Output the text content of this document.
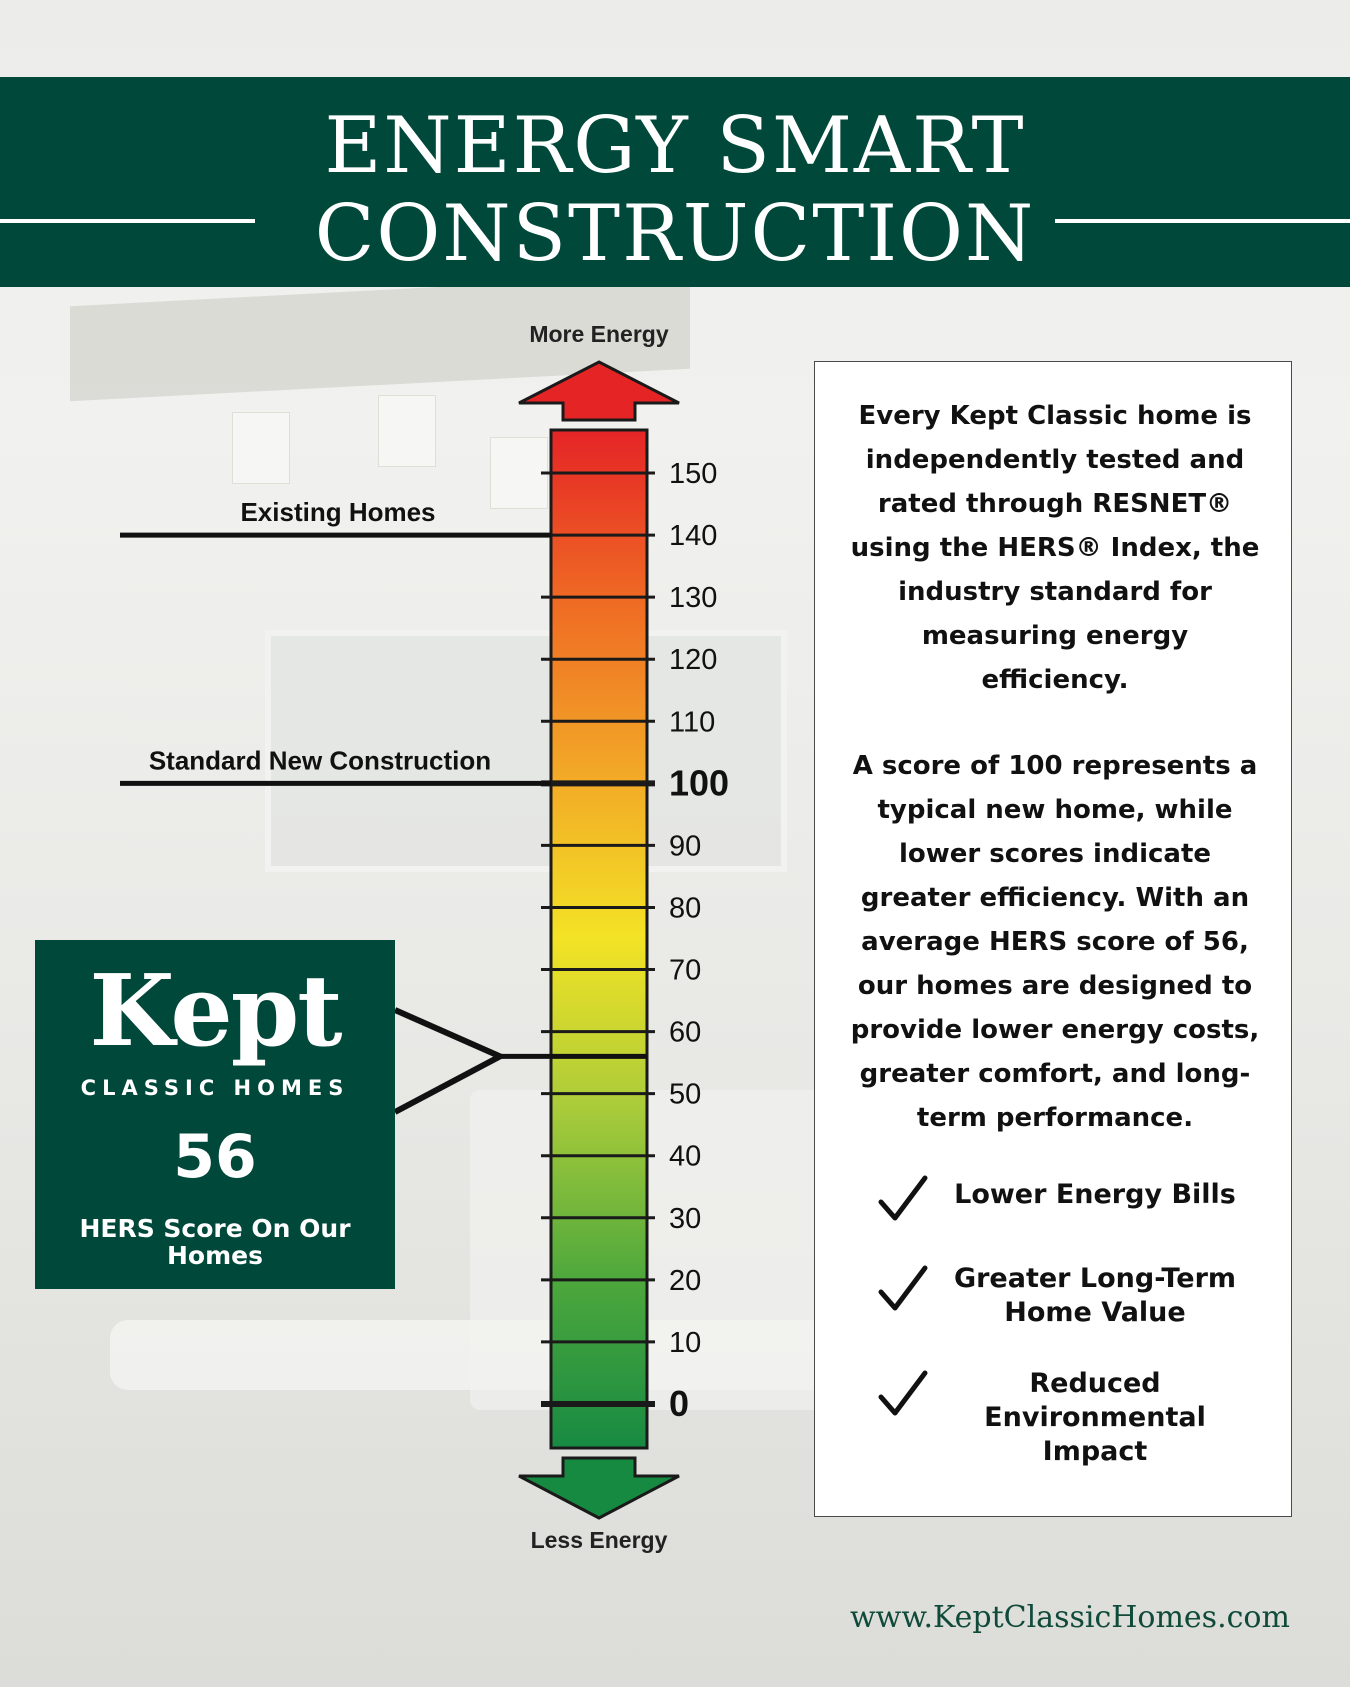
ENERGY SMART
CONSTRUCTION
0
10
20
30
40
50
60
70
80
90
100
110
120
130
140
150
Existing Homes
Standard New Construction
More Energy
Less Energy
Kept
CLASSIC HOMES
56
HERS Score On Our
Homes
Every Kept Classic home is
independently tested and
rated through RESNET®
using the HERS® Index, the
industry standard for
measuring energy
efficiency.
A score of 100 represents a
typical new home, while
lower scores indicate
greater efficiency. With an
average HERS score of 56,
our homes are designed to
provide lower energy costs,
greater comfort, and long-
term performance.
Lower Energy Bills
Greater Long-Term
Home Value
Reduced
Environmental
Impact
www.KeptClassicHomes.com
